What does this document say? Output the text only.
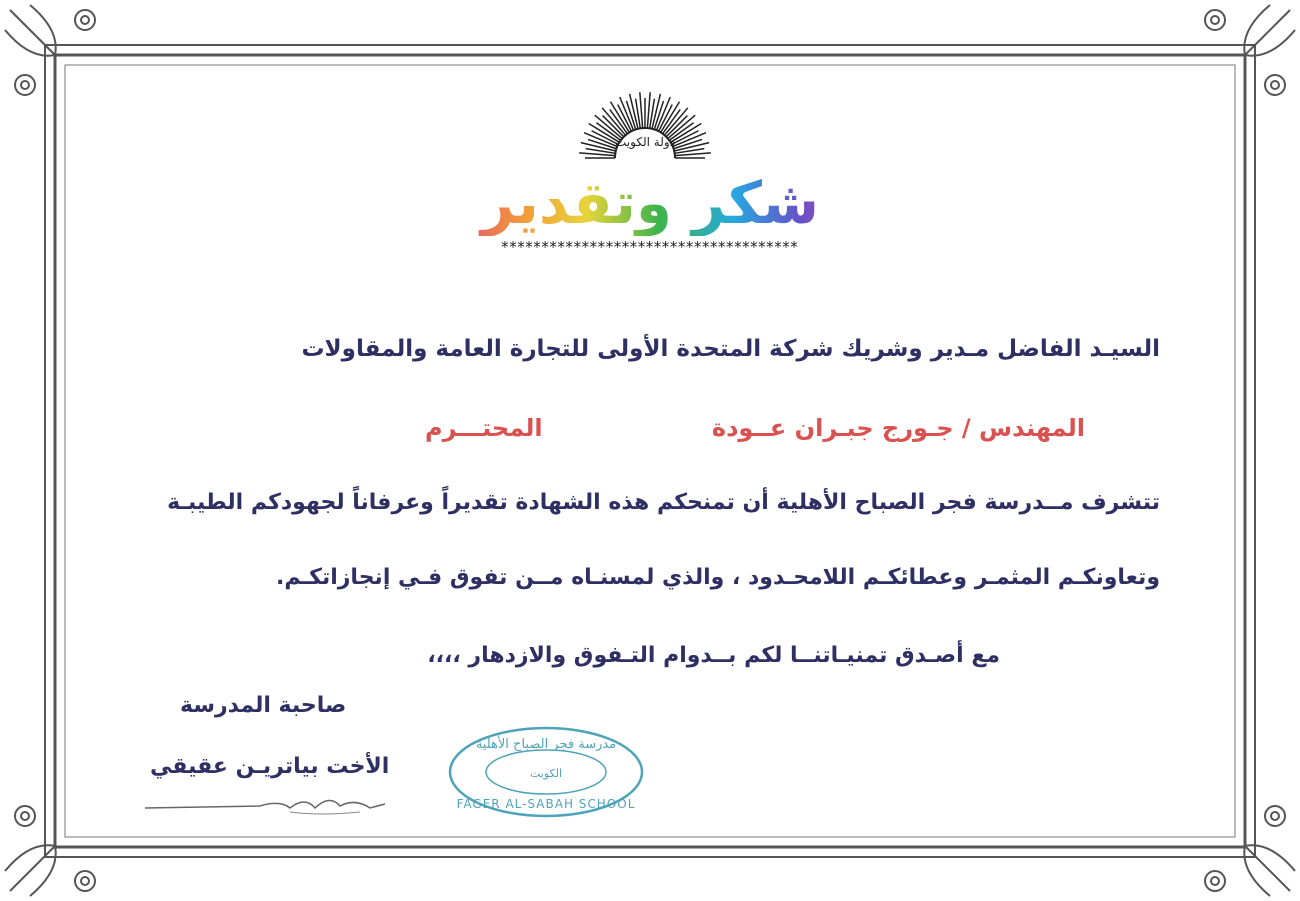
دولة الكويت
شكر وتقدير
*************************************
السيـد الفاضل مـدير وشريك شركة المتحدة الأولى للتجارة العامة والمقاولات
المهندس / جـورج جبـران عــودة
المحتـــرم
تتشرف مــدرسة فجر الصباح الأهلية أن تمنحكم هذه الشهادة تقديراً وعرفاناً لجهودكم الطيبـة
وتعاونكـم المثمـر وعطائكـم اللامحـدود ، والذي لمسنـاه مــن تفوق فـي إنجازاتكـم.
مع أصـدق تمنيـاتنــا لكم بــدوام التـفوق والازدهار ،،،،
صاحبة المدرسة
الأخت بياتريـن عقيقي
مدرسة فجر الصباح الأهلية
الكويت
FAGER AL-SABAH SCHOOL
